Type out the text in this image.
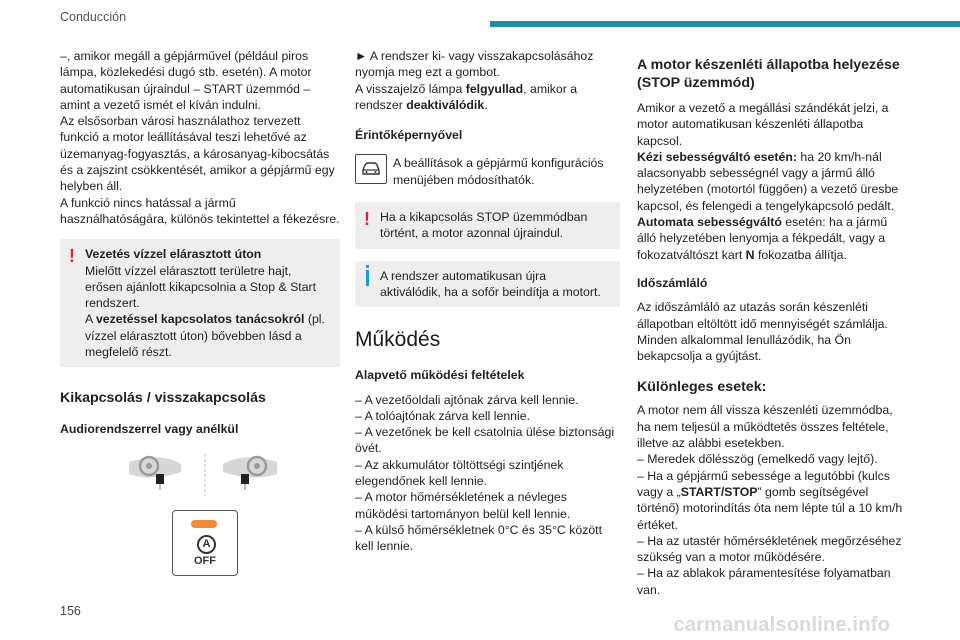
Conducción

–, amikor megáll a gépjárművel (például piros lámpa, közlekedési dugó stb. esetén). A motor automatikusan újraindul – START üzemmód – amint a vezető ismét el kíván indulni.

Az elsősorban városi használathoz tervezett funkció a motor leállításával teszi lehetővé az üzemanyag-fogyasztás, a károsanyag-kibocsátás és a zajszint csökkentését, amikor a gépjármű egy helyben áll.

A funkció nincs hatással a jármű használhatóságára, különös tekintettel a fékezésre.

! Vezetés vízzel elárasztott úton

Mielőtt vízzel elárasztott területre hajt, erősen ajánlott kikapcsolnia a Stop & Start rendszert.

A vezetéssel kapcsolatos tanácsokról (pl. vízzel elárasztott úton) bővebben lásd a megfelelő részt.

Kikapcsolás / visszakapcsolás
Audiorendszerrel vagy anélkül
A
OFF

► A rendszer ki- vagy visszakapcsolásához nyomja meg ezt a gombot.

A visszajelző lámpa felgyullad, amikor a rendszer deaktiválódik.

Érintőképernyővel

A beállítások a gépjármű konfigurációs menüjében módosíthatók.

! Ha a kikapcsolás STOP üzemmódban történt, a motor azonnal újraindul.

A rendszer automatikusan újra aktiválódik, ha a sofőr beindítja a motort.

Működés
Alapvető működési feltételek

– A vezetőoldali ajtónak zárva kell lennie.

– A tolóajtónak zárva kell lennie.

– A vezetőnek be kell csatolnia ülése biztonsági övét.

– Az akkumulátor töltöttségi szintjének elegendőnek kell lennie.

– A motor hőmérsékletének a névleges működési tartományon belül kell lennie.

– A külső hőmérsékletnek 0°C és 35°C között kell lennie.

A motor készenléti állapotba helyezése (STOP üzemmód)

Amikor a vezető a megállási szándékát jelzi, a motor automatikusan készenléti állapotba kapcsol.

Kézi sebességváltó esetén: ha 20 km/h-nál alacsonyabb sebességnél vagy a jármű álló helyzetében (motortól függően) a vezető üresbe kapcsol, és felengedi a tengelykapcsoló pedált.

Automata sebességváltó esetén: ha a jármű álló helyzetében lenyomja a fékpedált, vagy a fokozatváltószt kart N fokozatba állítja.

Időszámláló

Az időszámláló az utazás során készenléti állapotban eltöltött idő mennyiségét számlálja. Minden alkalommal lenullázódik, ha Ön bekapcsolja a gyújtást.

Különleges esetek:

A motor nem áll vissza készenléti üzemmódba, ha nem teljesül a működtetés összes feltétele, illetve az alábbi esetekben.

– Meredek dőlésszög (emelkedő vagy lejtő).

– Ha a gépjármű sebessége a legutóbbi (kulcs vagy a „START/STOP” gomb segítségével történő) motorindítás óta nem lépte túl a 10 km/h értéket.

– Ha az utastér hőmérsékletének megőrzéséhez szükség van a motor működésére.

– Ha az ablakok páramentesítése folyamatban van.

156
carmanualsonline.info
